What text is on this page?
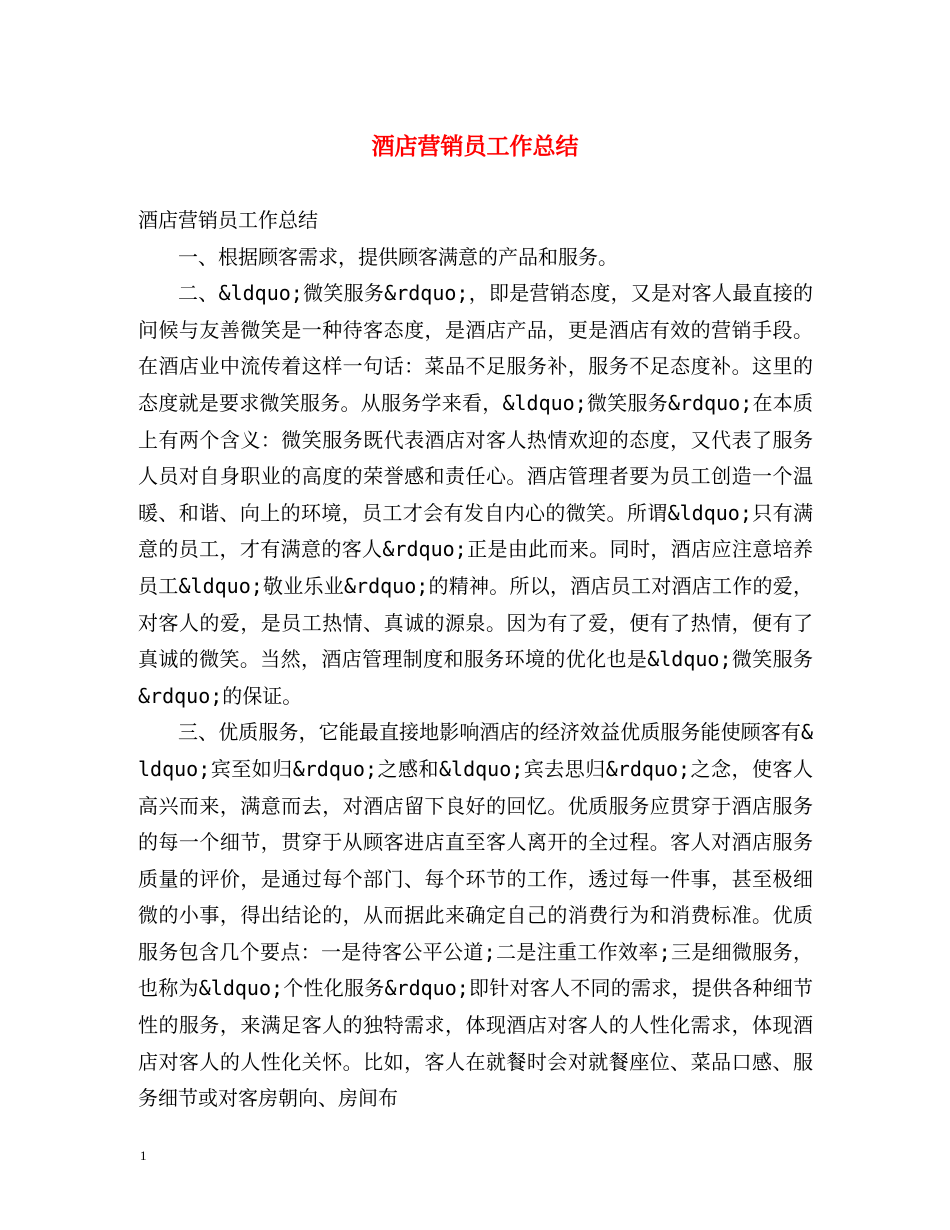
酒店营销员工作总结

酒店营销员工作总结

一、根据顾客需求，提供顾客满意的产品和服务。

二、&ldquo;微笑服务&rdquo;，即是营销态度，又是对客人最直接的问候与友善微笑是一种待客态度，是酒店产品，更是酒店有效的营销手段。在酒店业中流传着这样一句话：菜品不足服务补，服务不足态度补。这里的态度就是要求微笑服务。从服务学来看，&ldquo;微笑服务&rdquo;在本质上有两个含义：微笑服务既代表酒店对客人热情欢迎的态度，又代表了服务人员对自身职业的高度的荣誉感和责任心。酒店管理者要为员工创造一个温暖、和谐、向上的环境，员工才会有发自内心的微笑。所谓&ldquo;只有满意的员工，才有满意的客人&rdquo;正是由此而来。同时，酒店应注意培养员工&ldquo;敬业乐业&rdquo;的精神。所以，酒店员工对酒店工作的爱，对客人的爱，是员工热情、真诚的源泉。因为有了爱，便有了热情，便有了真诚的微笑。当然，酒店管理制度和服务环境的优化也是&ldquo;微笑服务&rdquo;的保证。

三、优质服务，它能最直接地影响酒店的经济效益优质服务能使顾客有&ldquo;宾至如归&rdquo;之感和&ldquo;宾去思归&rdquo;之念，使客人高兴而来，满意而去，对酒店留下良好的回忆。优质服务应贯穿于酒店服务的每一个细节，贯穿于从顾客进店直至客人离开的全过程。客人对酒店服务质量的评价，是通过每个部门、每个环节的工作，透过每一件事，甚至极细微的小事，得出结论的，从而据此来确定自己的消费行为和消费标准。优质服务包含几个要点：一是待客公平公道;二是注重工作效率;三是细微服务，也称为&ldquo;个性化服务&rdquo;即针对客人不同的需求，提供各种细节性的服务，来满足客人的独特需求，体现酒店对客人的人性化需求，体现酒店对客人的人性化关怀。比如，客人在就餐时会对就餐座位、菜品口感、服务细节或对客房朝向、房间布

1
